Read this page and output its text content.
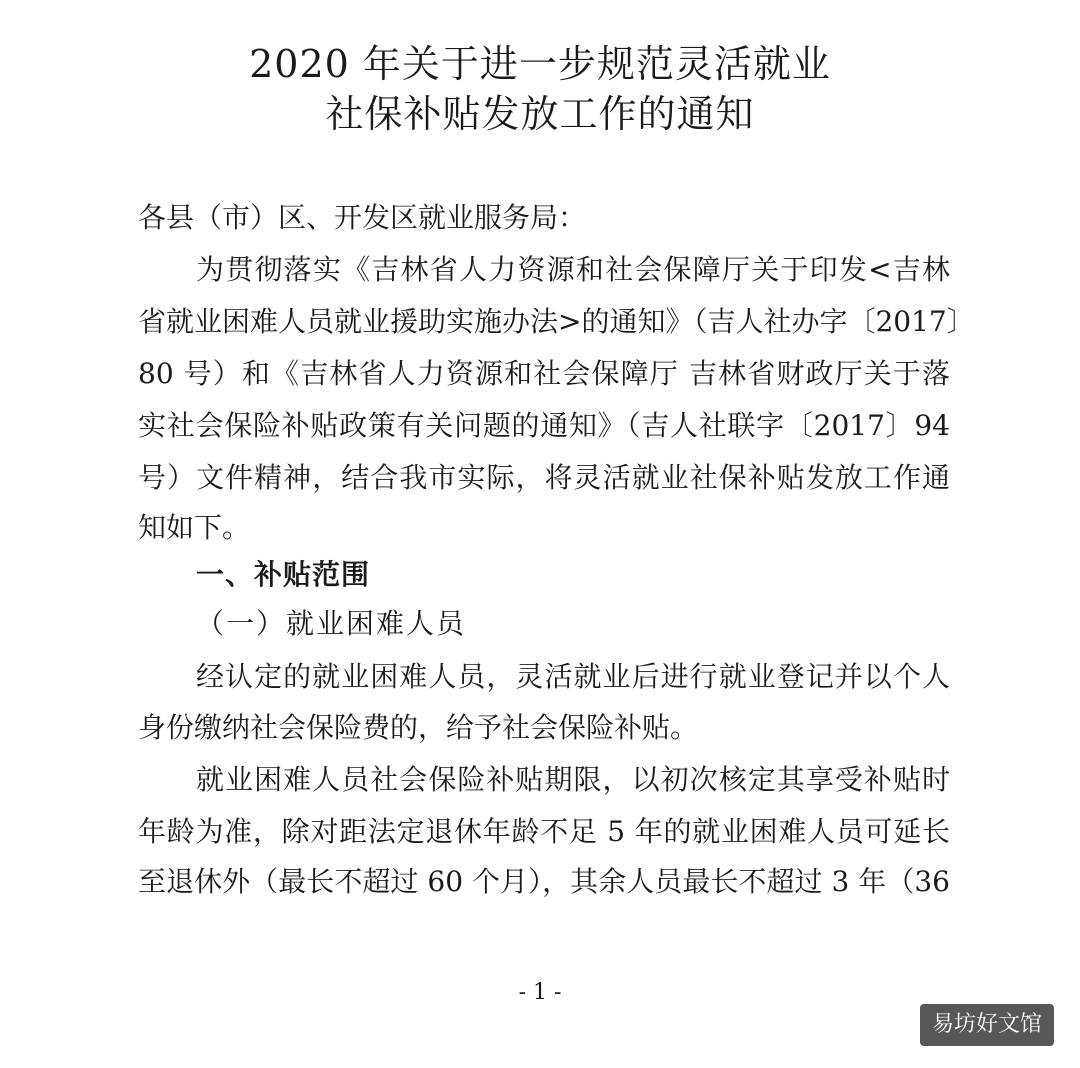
2020 年关于进一步规范灵活就业
社保补贴发放工作的通知

各县（市）区、开发区就业服务局：

为贯彻落实《吉林省人力资源和社会保障厅关于印发<吉林

省就业困难人员就业援助实施办法>的通知》（吉人社办字〔2017〕

80 号）和《吉林省人力资源和社会保障厅 吉林省财政厅关于落

实社会保险补贴政策有关问题的通知》（吉人社联字〔2017〕94

号）文件精神，结合我市实际，将灵活就业社保补贴发放工作通

知如下。

一、补贴范围

（一）就业困难人员

经认定的就业困难人员，灵活就业后进行就业登记并以个人

身份缴纳社会保险费的，给予社会保险补贴。

就业困难人员社会保险补贴期限，以初次核定其享受补贴时

年龄为准，除对距法定退休年龄不足 5 年的就业困难人员可延长

至退休外（最长不超过 60 个月），其余人员最长不超过 3 年（36

- 1 -

易坊好文馆
